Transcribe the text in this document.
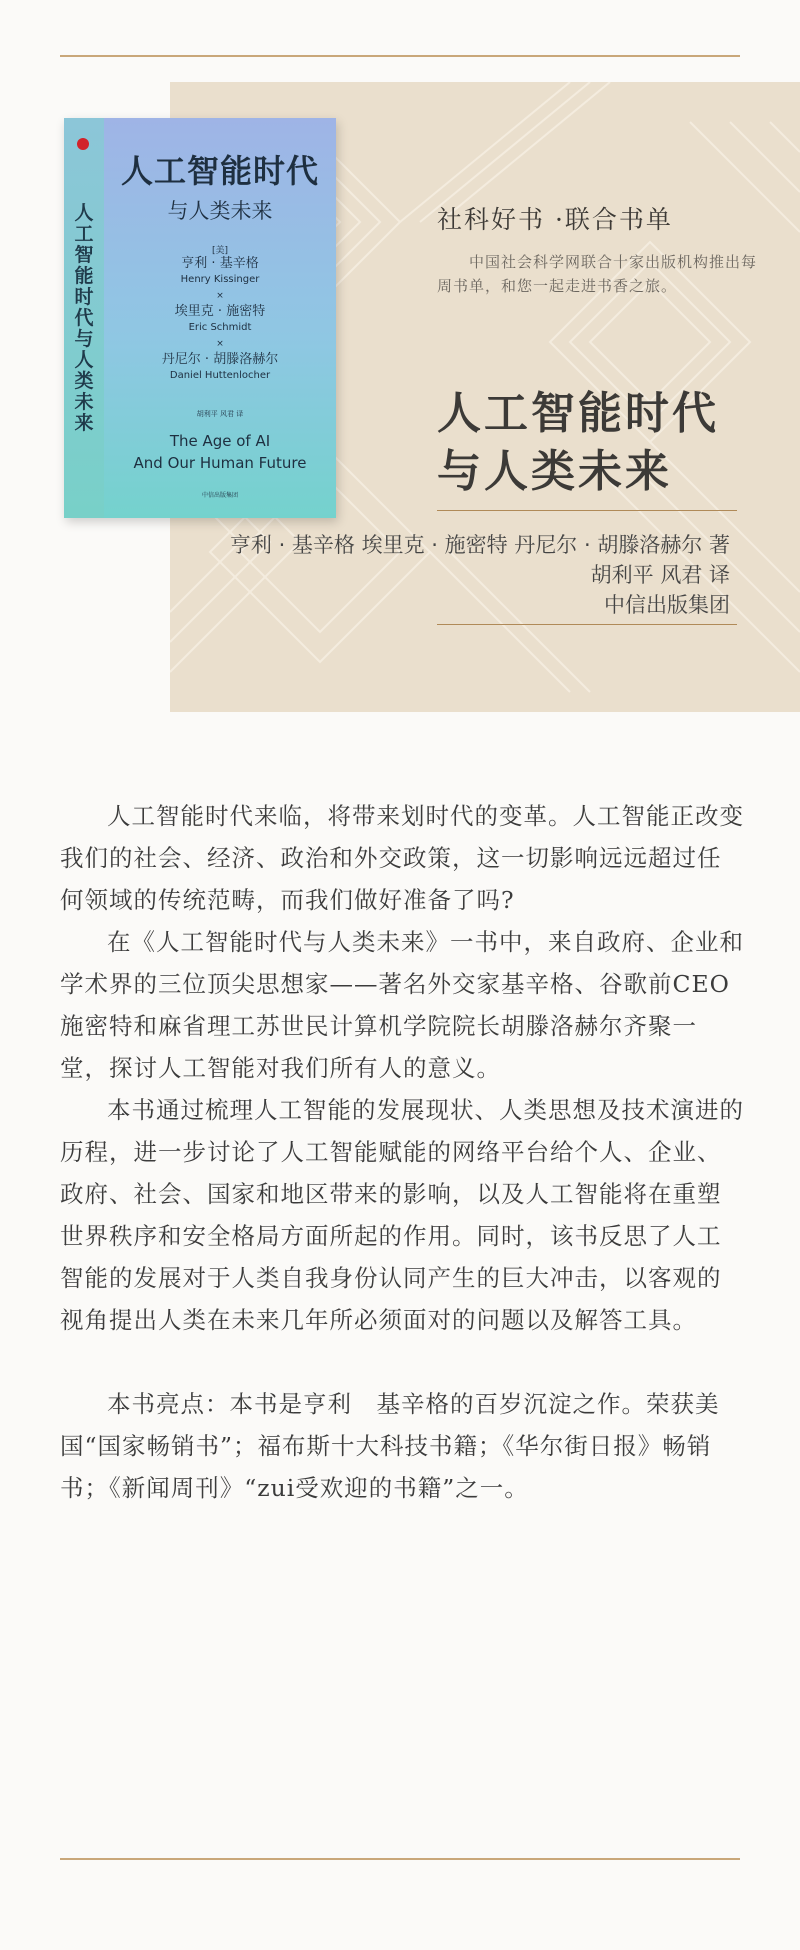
社科好书 ·联合书单
中国社会科学网联合十家出版机构推出每周书单，和您一起走进书香之旅。
人工智能时代
与人类未来
亨利 · 基辛格 埃里克 · 施密特 丹尼尔 · 胡滕洛赫尔 著
胡利平 风君 译
中信出版集团
人工智能时代与人类未来
人工智能时代
与人类未来
[美]
亨利 · 基辛格
Henry Kissinger
×
埃里克 · 施密特
Eric Schmidt
×
丹尼尔 · 胡滕洛赫尔
Daniel Huttenlocher
胡利平 风君 译
The Age of AI
And Our Human Future
中信出版集团

人工智能时代来临，将带来划时代的变革。人工智能正改变我们的社会、经济、政治和外交政策，这一切影响远远超过任何领域的传统范畴，而我们做好准备了吗?

在《人工智能时代与人类未来》一书中，来自政府、企业和学术界的三位顶尖思想家——著名外交家基辛格、谷歌前CEO施密特和麻省理工苏世民计算机学院院长胡滕洛赫尔齐聚一堂，探讨人工智能对我们所有人的意义。

本书通过梳理人工智能的发展现状、人类思想及技术演进的历程，进一步讨论了人工智能赋能的网络平台给个人、企业、政府、社会、国家和地区带来的影响，以及人工智能将在重塑世界秩序和安全格局方面所起的作用。同时，该书反思了人工智能的发展对于人类自我身份认同产生的巨大冲击，以客观的视角提出人类在未来几年所必须面对的问题以及解答工具。

本书亮点：本书是亨利　基辛格的百岁沉淀之作。荣获美国“国家畅销书”；福布斯十大科技书籍；《华尔街日报》畅销书；《新闻周刊》“zui受欢迎的书籍”之一。
